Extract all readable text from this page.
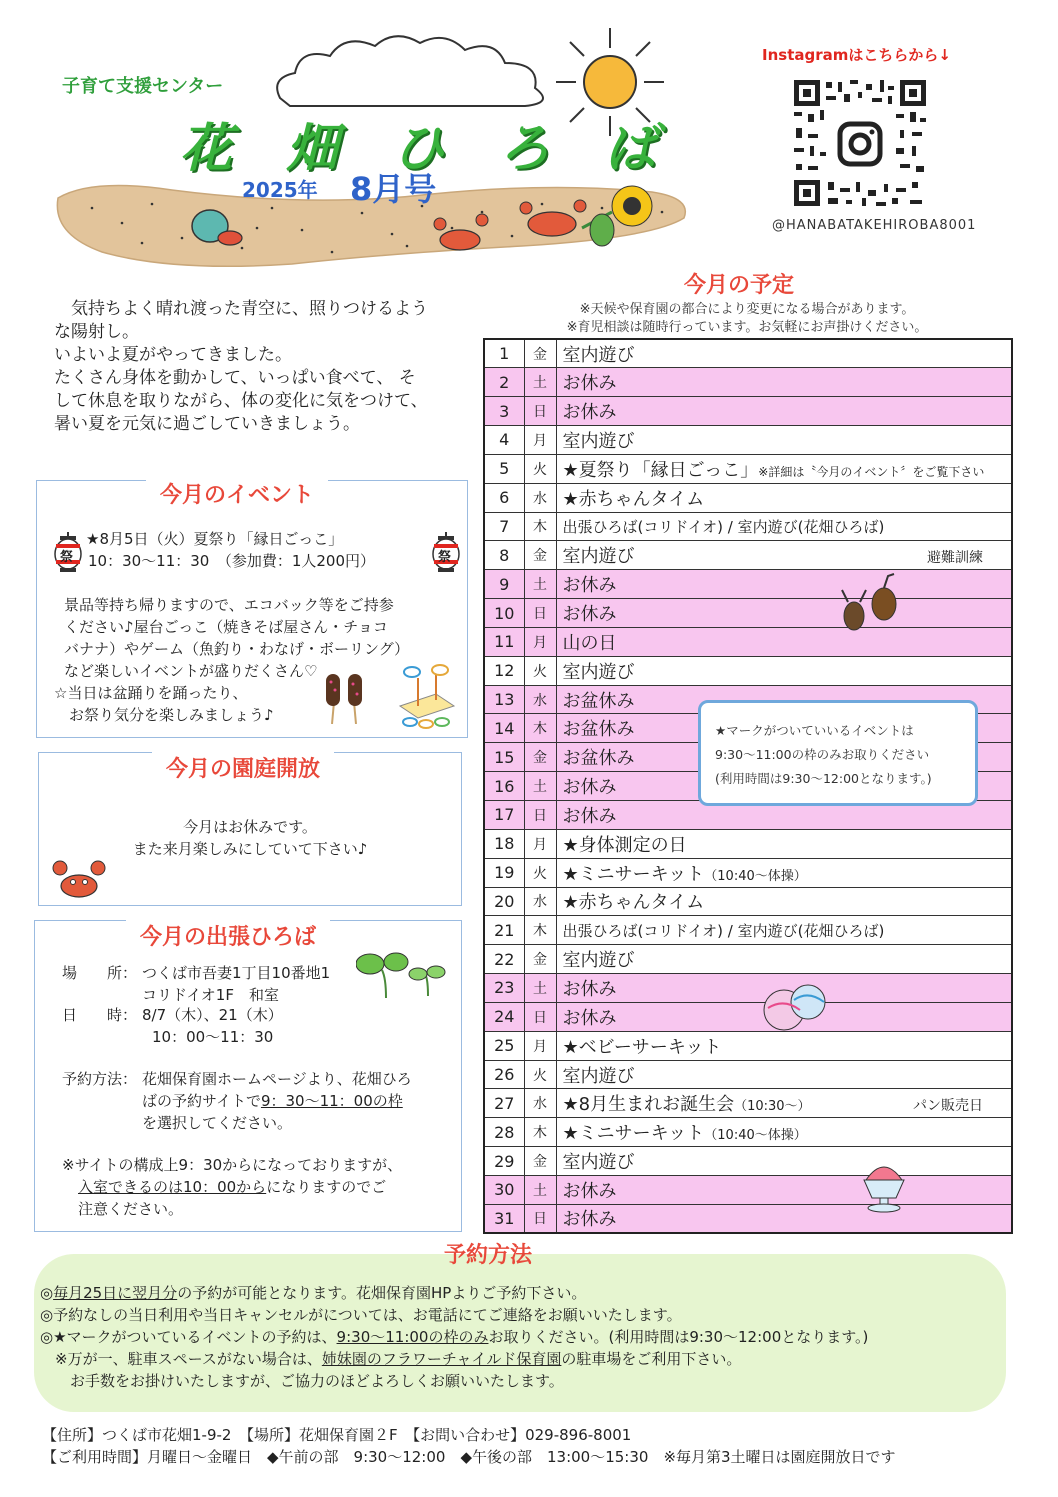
子育て支援センター
花 畑 ひ ろ ば
2025年 8月号
Instagramはこちらから↓
@HANABATAKEHIROBA8001
　気持ちよく晴れ渡った青空に、照りつけるよう
な陽射し。
いよいよ夏がやってきました。
たくさん身体を動かして、いっぱい食べて、 そ
して休息を取りながら、体の変化に気をつけて、
暑い夏を元気に過ごしていきましょう。
今月のイベント
祭	祭
★8月5日（火）夏祭り「縁日ごっこ」
10：30〜11：30　（参加費：1人200円）
景品等持ち帰りますので、エコバック等をご持参
ください♪屋台ごっこ（焼きそば屋さん・チョコ
バナナ）やゲーム（魚釣り・わなげ・ボーリング）
など楽しいイベントが盛りだくさん♡
☆当日は盆踊りを踊ったり、
　お祭り気分を楽しみましょう♪
今月の園庭開放
今月はお休みです。
また来月楽しみにしていて下さい♪
今月の出張ひろば
場　　所： つくば市吾妻1丁目10番地1
コリドイオ1F　和室
日　　時： 8/7（木）、21（木）
10：00〜11：30
予約方法： 花畑保育園ホームページより、花畑ひろ
ばの予約サイトで9：30〜11：00の枠
を選択してください。
※サイトの構成上9：30からになっておりますが、
入室できるのは10：00からになりますのでご
注意ください。
今月の予定
※天候や保育園の都合により変更になる場合があります。
※育児相談は随時行っています。お気軽にお声掛けください。
1	金	室内遊び
2	土	お休み
3	日	お休み
4	月	室内遊び
5	火	★夏祭り「縁日ごっこ」※詳細は〝今月のイベント〞をご覧下さい
6	水	★赤ちゃんタイム
7	木	出張ひろば(コリドイオ) / 室内遊び(花畑ひろば)
8	金	室内遊び 避難訓練

9	土	お休み
10	日	お休み
11	月	山の日
12	火	室内遊び
13	水	お盆休み
14	木	お盆休み
15	金	お盆休み
16	土	お休み
17	日	お休み
18	月	★身体測定の日
19	火	★ミニサーキット（10:40〜体操）
20	水	★赤ちゃんタイム
21	木	出張ひろば(コリドイオ) / 室内遊び(花畑ひろば)
22	金	室内遊び
23	土	お休み
24	日	お休み
25	月	★ベビーサーキット
26	火	室内遊び
27	水	★8月生まれお誕生会（10:30〜） パン販売日

28	木	★ミニサーキット（10:40〜体操）
29	金	室内遊び
30	土	お休み
31	日	お休み
★マークがついていいるイベントは
9:30〜11:00の枠のみお取りください
(利用時間は9:30〜12:00となります。)
予約方法
◎毎月25日に翌月分の予約が可能となります。花畑保育園HPよりご予約下さい。
◎予約なしの当日利用や当日キャンセルがについては、お電話にてご連絡をお願いいたします。
◎★マークがついているイベントの予約は、9:30〜11:00の枠のみお取りください。(利用時間は9:30〜12:00となります。)
　※万が一、駐車スペースがない場合は、姉妹園のフラワーチャイルド保育園の駐車場をご利用下さい。
　　お手数をお掛けいたしますが、ご協力のほどよろしくお願いいたします。
【住所】つくば市花畑1-9-2　【場所】花畑保育園２F　【お問い合わせ】029-896-8001
【ご利用時間】月曜日〜金曜日　◆午前の部　9:30〜12:00　◆午後の部　13:00〜15:30　※毎月第3土曜日は園庭開放日です
